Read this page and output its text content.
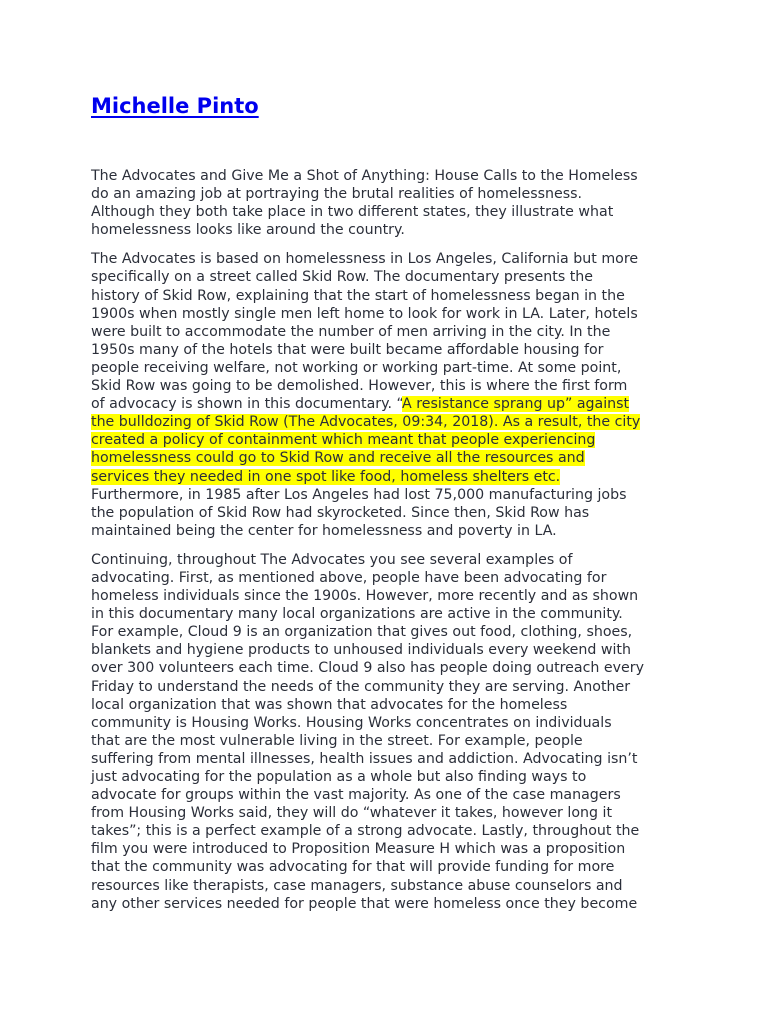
Michelle Pinto

The Advocates and Give Me a Shot of Anything: House Calls to the Homeless
do an amazing job at portraying the brutal realities of homelessness.
Although they both take place in two different states, they illustrate what
homelessness looks like around the country.

The Advocates is based on homelessness in Los Angeles, California but more
specifically on a street called Skid Row. The documentary presents the
history of Skid Row, explaining that the start of homelessness began in the
1900s when mostly single men left home to look for work in LA. Later, hotels
were built to accommodate the number of men arriving in the city. In the
1950s many of the hotels that were built became affordable housing for
people receiving welfare, not working or working part-time. At some point,
Skid Row was going to be demolished. However, this is where the first form
of advocacy is shown in this documentary. “A resistance sprang up” against
the bulldozing of Skid Row (The Advocates, 09:34, 2018). As a result, the city
created a policy of containment which meant that people experiencing
homelessness could go to Skid Row and receive all the resources and
services they needed in one spot like food, homeless shelters etc.
Furthermore, in 1985 after Los Angeles had lost 75,000 manufacturing jobs
the population of Skid Row had skyrocketed. Since then, Skid Row has
maintained being the center for homelessness and poverty in LA.

Continuing, throughout The Advocates you see several examples of
advocating. First, as mentioned above, people have been advocating for
homeless individuals since the 1900s. However, more recently and as shown
in this documentary many local organizations are active in the community.
For example, Cloud 9 is an organization that gives out food, clothing, shoes,
blankets and hygiene products to unhoused individuals every weekend with
over 300 volunteers each time. Cloud 9 also has people doing outreach every
Friday to understand the needs of the community they are serving. Another
local organization that was shown that advocates for the homeless
community is Housing Works. Housing Works concentrates on individuals
that are the most vulnerable living in the street. For example, people
suffering from mental illnesses, health issues and addiction. Advocating isn’t
just advocating for the population as a whole but also finding ways to
advocate for groups within the vast majority. As one of the case managers
from Housing Works said, they will do “whatever it takes, however long it
takes”; this is a perfect example of a strong advocate. Lastly, throughout the
film you were introduced to Proposition Measure H which was a proposition
that the community was advocating for that will provide funding for more
resources like therapists, case managers, substance abuse counselors and
any other services needed for people that were homeless once they become
